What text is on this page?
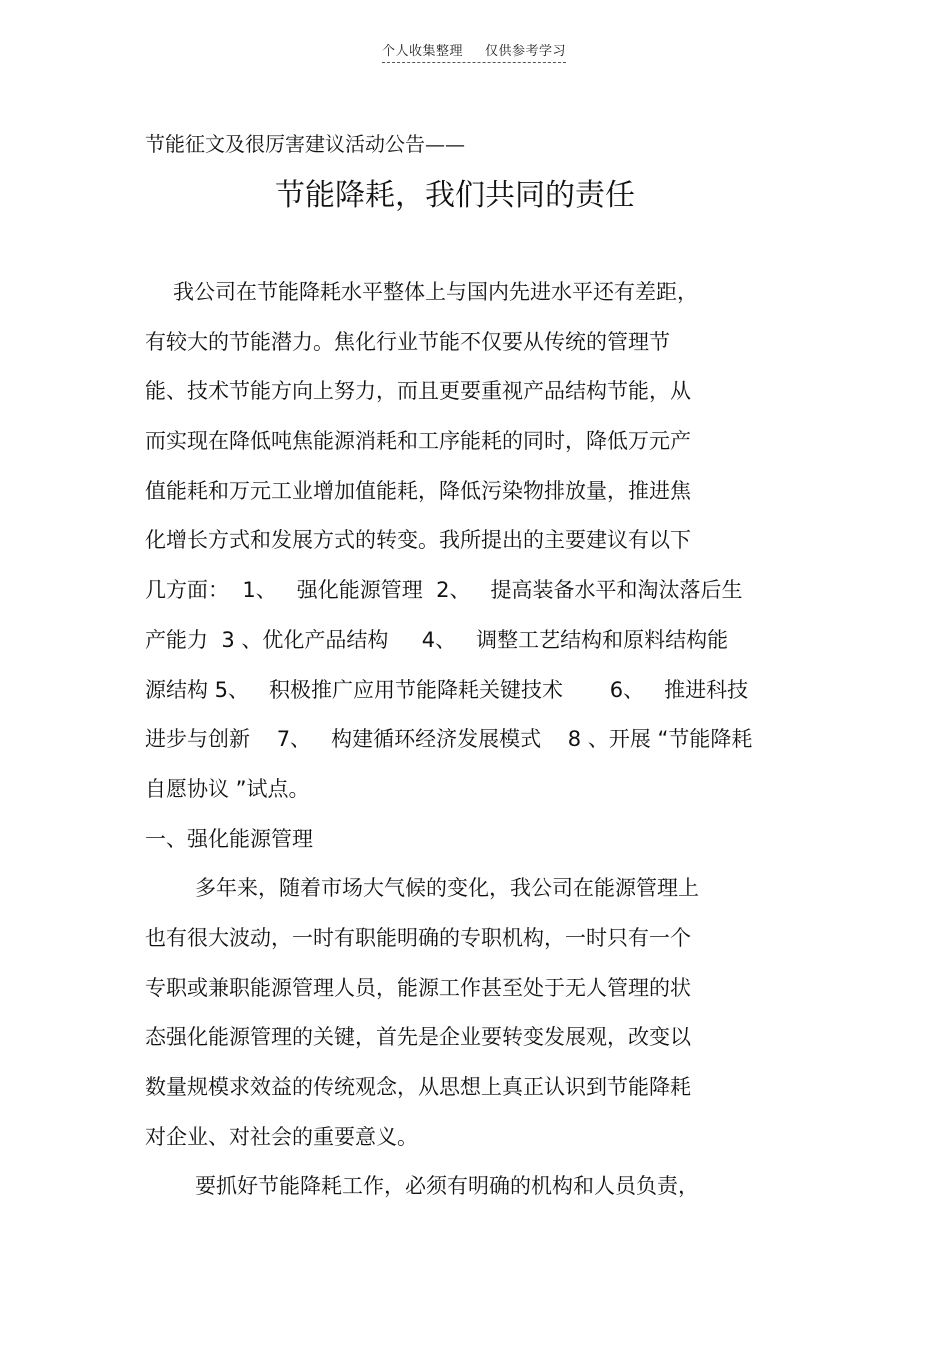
个人收集整理 仅供参考学习
节能征文及很厉害建议活动公告——
节能降耗，我们共同的责任
我公司在节能降耗水平整体上与国内先进水平还有差距，
有较大的节能潜力。焦化行业节能不仅要从传统的管理节
能、技术节能方向上努力，而且更要重视产品结构节能，从
而实现在降低吨焦能源消耗和工序能耗的同时，降低万元产
值能耗和万元工业增加值能耗，降低污染物排放量，推进焦
化增长方式和发展方式的转变。我所提出的主要建议有以下
几方面：  1、   强化能源管理  2、   提高装备水平和淘汰落后生
产能力  3 、优化产品结构     4、   调整工艺结构和原料结构能
源结构 5、   积极推广应用节能降耗关键技术       6、   推进科技
进步与创新    7、   构建循环经济发展模式    8 、开展 “节能降耗
自愿协议 ”试点。
一、强化能源管理
多年来，随着市场大气候的变化，我公司在能源管理上
也有很大波动，一时有职能明确的专职机构，一时只有一个
专职或兼职能源管理人员，能源工作甚至处于无人管理的状
态强化能源管理的关键，首先是企业要转变发展观，改变以
数量规模求效益的传统观念，从思想上真正认识到节能降耗
对企业、对社会的重要意义。
要抓好节能降耗工作，必须有明确的机构和人员负责，
